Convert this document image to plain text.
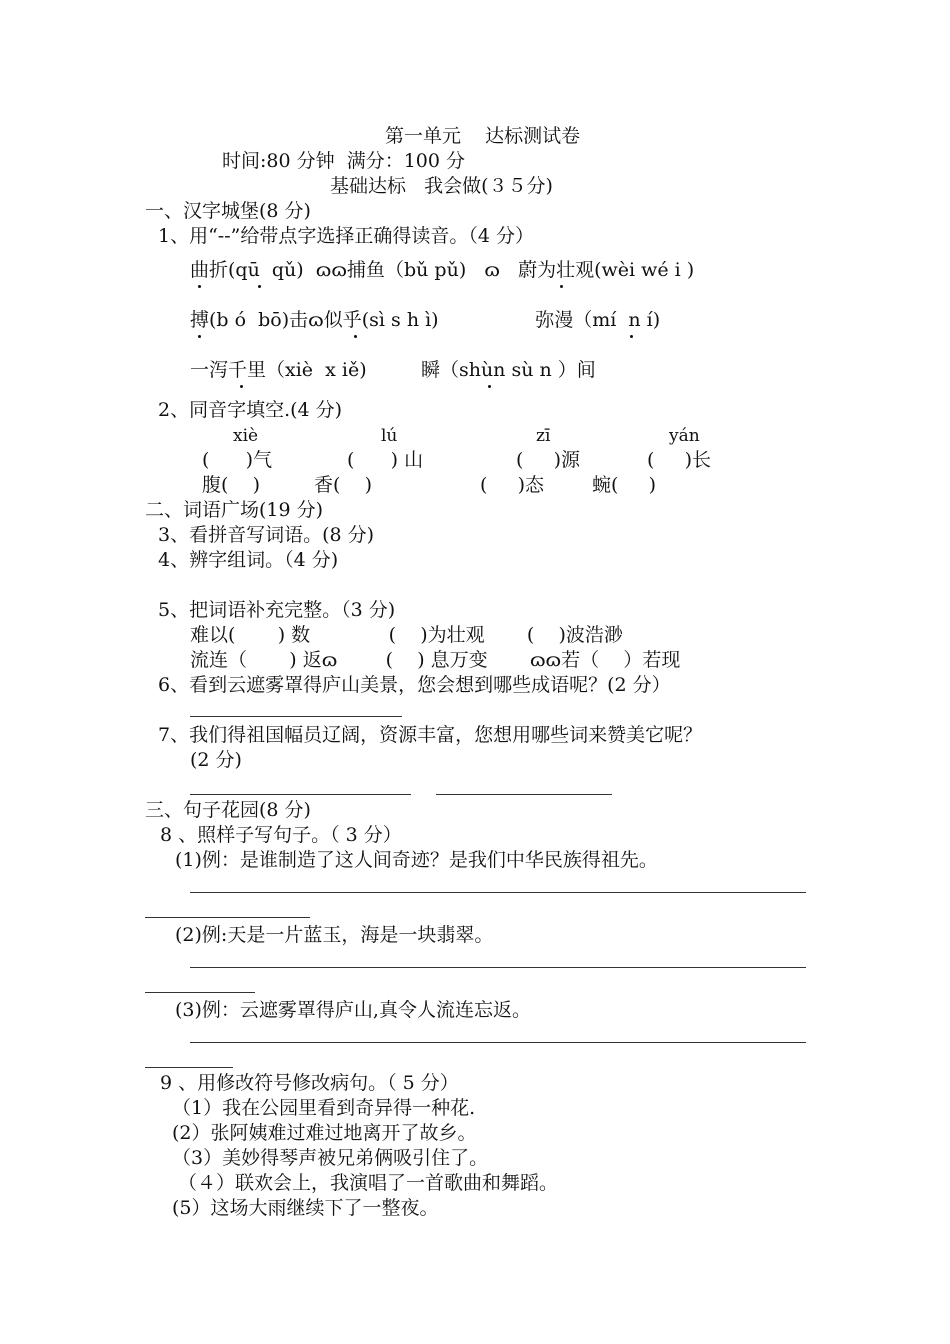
第一单元    达标测试卷
时间:80 分钟  满分：100 分
基础达标   我会做(３５分)
一、汉字城堡(8 分)
1、用“--”给带点字选择正确得读音。（4 分）
曲折(qū  qǔ)  ɷɷ捕鱼（bǔ pǔ)   ɷ   蔚为壮观(wèi wé i )
搏(b ó  bō)击ɷ似乎(sì s h ì)                弥漫（mí  n í)
一泻千里（xiè  x iě)         瞬（shùn sù n ）间
2、同音字填空.(4 分)
xiè	lú	zī	yán
(      )气	(      ) 山	(     )源	(     )长
腹(    )	香(    )	(     )态	蜿(     )
二、词语广场(19 分)
3、看拼音写词语。(8 分)
4、辨字组词。（4 分)
5、把词语补充完整。（3 分)
难以(       ) 数             (    )为壮观       (    )波浩渺
流连（       ) 返ɷ        (    ) 息万变       ɷɷ若（    ）若现
6、看到云遮雾罩得庐山美景，您会想到哪些成语呢？(2 分）
7、我们得祖国幅员辽阔，资源丰富，您想用哪些词来赞美它呢？
(2 分)
三、句子花园(8 分)
8 、照样子写句子。（ 3 分）
(1)例：是谁制造了这人间奇迹？是我们中华民族得祖先。
(2)例:天是一片蓝玉，海是一块翡翠。
(3)例：云遮雾罩得庐山,真令人流连忘返。
9 、用修改符号修改病句。（ 5 分）
（1）我在公园里看到奇异得一种花.
(2）张阿姨难过难过地离开了故乡。
（3）美妙得琴声被兄弟俩吸引住了。
（４）联欢会上，我演唱了一首歌曲和舞蹈。
(5）这场大雨继续下了一整夜。
